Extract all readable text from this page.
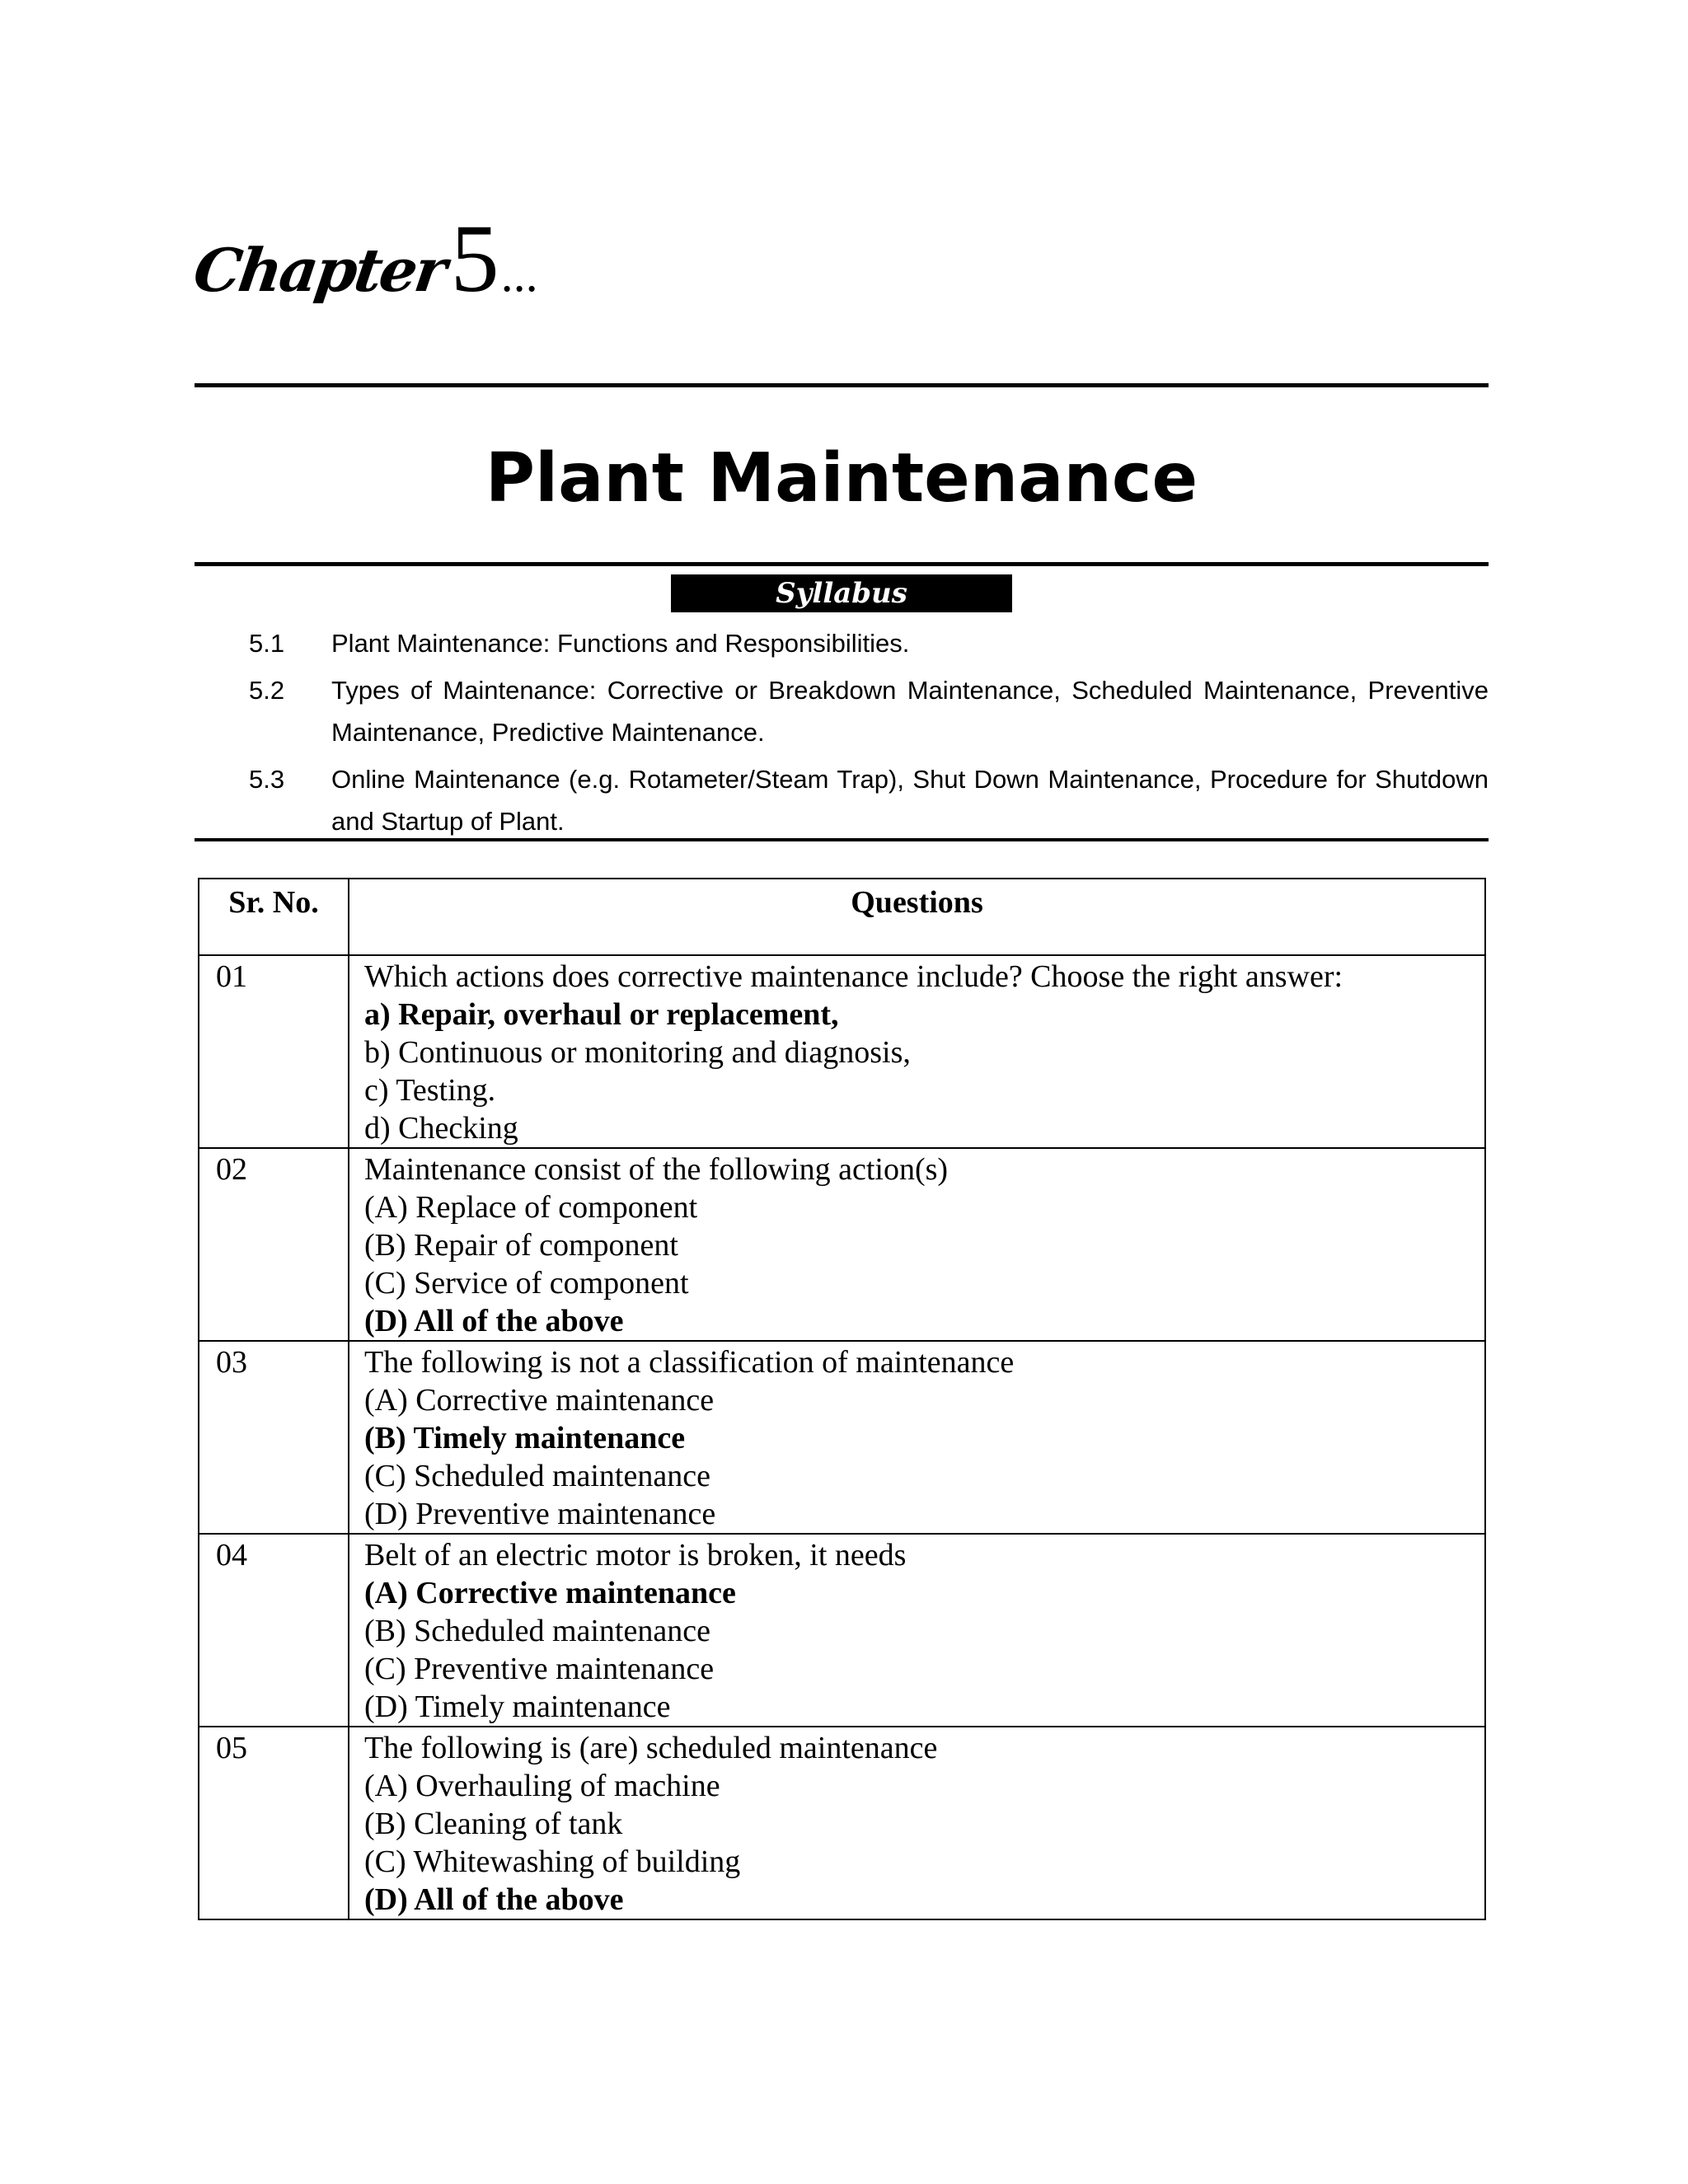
Chapter 5 ...
Plant Maintenance
Syllabus
5.1	Plant Maintenance: Functions and Responsibilities.
5.2	Types of Maintenance: Corrective or Breakdown Maintenance, Scheduled Maintenance, Preventive Maintenance, Predictive Maintenance.
5.3	Online Maintenance (e.g. Rotameter/Steam Trap), Shut Down Maintenance, Procedure for Shutdown and Startup of Plant.
Sr. No.	Questions
01	Which actions does corrective maintenance include? Choose the right answer:
a) Repair, overhaul or replacement,
b) Continuous or monitoring and diagnosis,
c) Testing.
d) Checking

02	Maintenance consist of the following action(s)
(A) Replace of component
(B) Repair of component
(C) Service of component
(D) All of the above

03	The following is not a classification of maintenance
(A) Corrective maintenance
(B) Timely maintenance
(C) Scheduled maintenance
(D) Preventive maintenance

04	Belt of an electric motor is broken, it needs
(A) Corrective maintenance
(B) Scheduled maintenance
(C) Preventive maintenance
(D) Timely maintenance

05	The following is (are) scheduled maintenance
(A) Overhauling of machine
(B) Cleaning of tank
(C) Whitewashing of building
(D) All of the above
